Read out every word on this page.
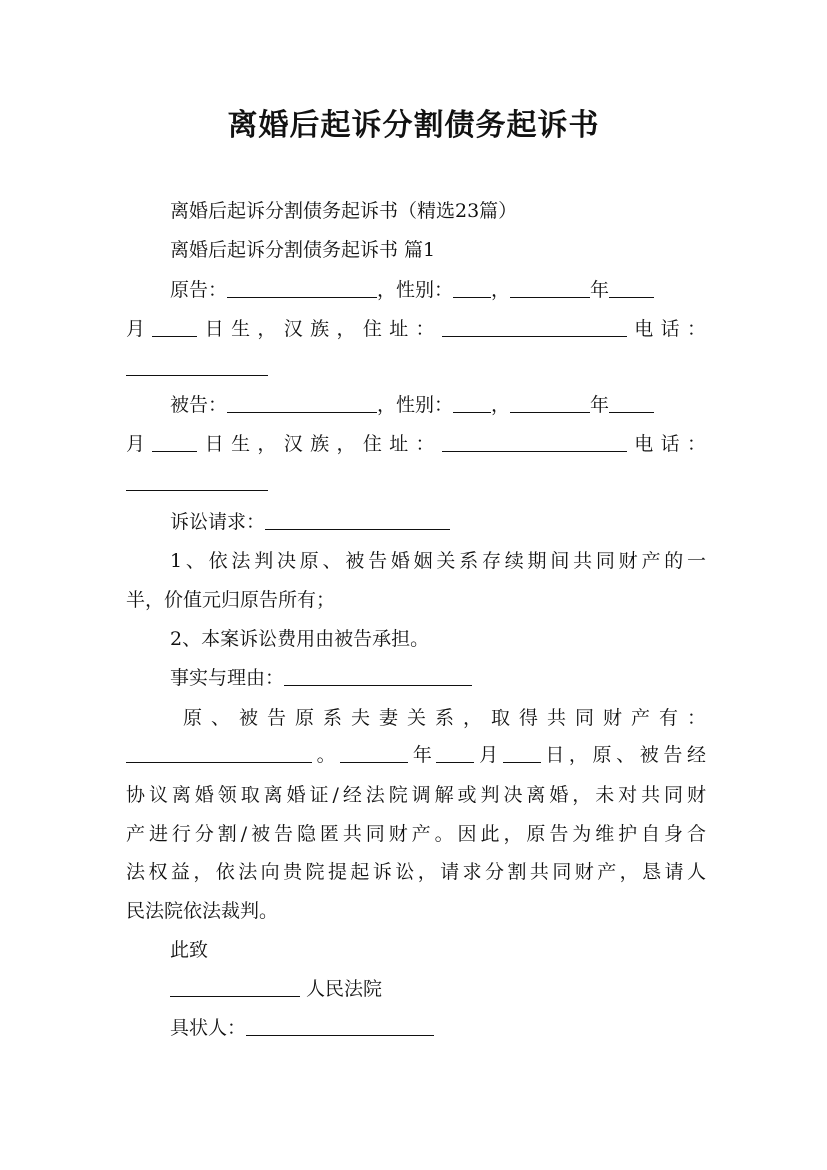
离婚后起诉分割债务起诉书
离婚后起诉分割债务起诉书（精选23篇）
离婚后起诉分割债务起诉书 篇1
原告：	，性别： ，	年
月 日生，汉族，住址：	电话：
被告：	，性别： ，	年
月 日生，汉族，住址：	电话：
诉讼请求：
1、依法判决原、被告婚姻关系存续期间共同财产的一
半，价值元归原告所有；
2、本案诉讼费用由被告承担。
事实与理由：
原、被告原系夫妻关系，取得共同财产有：
。	年 月 日，原、被告经
协议离婚领取离婚证/经法院调解或判决离婚，未对共同财
产进行分割/被告隐匿共同财产。因此，原告为维护自身合
法权益，依法向贵院提起诉讼，请求分割共同财产，恳请人
民法院依法裁判。
此致
人民法院
具状人：
